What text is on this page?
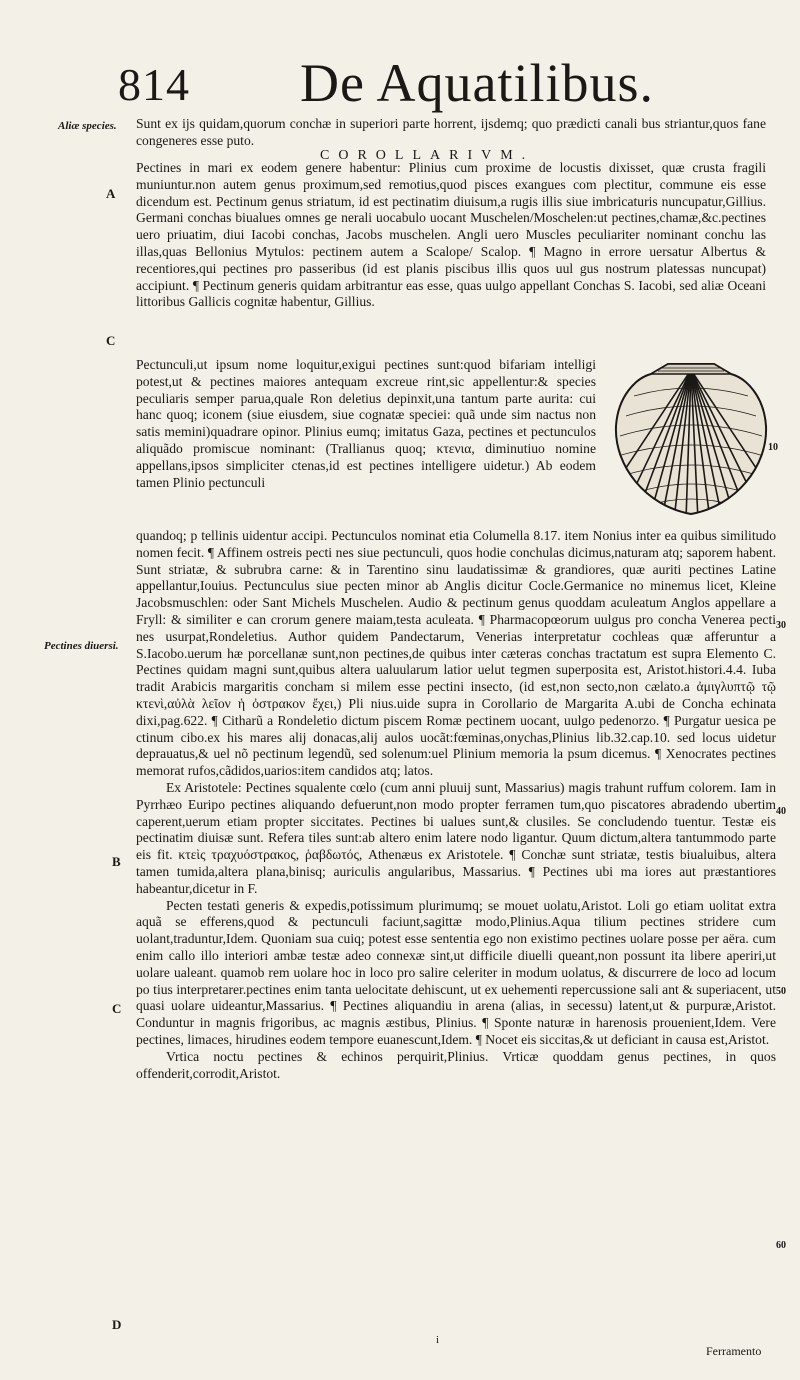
814 De Aquatilibus.
Aliæ species.
Pectines diuersi.
A
C
B
C
D
10
30
40
50
60

Sunt ex ijs quidam,quorum conchæ in superiori parte horrent, ijsdemq; quo prædicti canali bus striantur,quos fane congeneres esse puto.

COROLLARIVM.

Pectines in mari ex eodem genere habentur: Plinius cum proxime de locustis dixisset, quæ crusta fragili muniuntur.non autem genus proximum,sed remotius,quod pisces exangues com plectitur, commune eis esse dicendum est. Pectinum genus striatum, id est pectinatim diuisum,a rugis illis siue imbricaturis nuncupatur,Gillius. Germani conchas biualues omnes ge nerali uocabulo uocant Muschelen/Moschelen:ut pectines,chamæ,&c.pectines uero priuatim, diui Iacobi conchas, Jacobs muschelen. Angli uero Muscles peculiariter nominant conchu las illas,quas Bellonius Mytulos: pectinem autem a Scalope/ Scalop. ¶ Magno in errore uersatur Albertus & recentiores,qui pectines pro passeribus (id est planis piscibus illis quos uul gus nostrum platessas nuncupat) accipiunt. ¶ Pectinum generis quidam arbitrantur eas esse, quas uulgo appellant Conchas S. Iacobi, sed aliæ Oceani littoribus Gallicis cognitæ habentur, Gillius.

Pectunculi,ut ipsum nome loquitur,exigui pectines sunt:quod bifariam intelligi potest,ut & pectines maiores antequam excreue rint,sic appellentur:& species peculiaris semper parua,quale Ron deletius depinxit,una tantum parte aurita: cui hanc quoq; iconem (siue eiusdem, siue cognatæ speciei: quã unde sim nactus non satis memini)quadrare opinor. Plinius eumq; imitatus Gaza, pectines et pectunculos aliquãdo promiscue nominant: (Trallianus quoq; κτενια, diminutiuo nomine appellans,ipsos simpliciter ctenas,id est pectines intelligere uidetur.) Ab eodem tamen Plinio pectunculi

quandoq; p tellinis uidentur accipi. Pectunculos nominat etia Columella 8.17. item Nonius inter ea quibus similitudo nomen fecit. ¶ Affinem ostreis pecti nes siue pectunculi, quos hodie conchulas dicimus,naturam atq; saporem habent. Sunt striatæ, & subrubra carne: & in Tarentino sinu laudatissimæ & grandiores, quæ auriti pectines Latine appellantur,Iouius. Pectunculus siue pecten minor ab Anglis dicitur Cocle.Germanice no minemus licet, Kleine Jacobsmuschlen: oder Sant Michels Muschelen. Audio & pectinum genus quoddam aculeatum Anglos appellare a Fryll: & similiter e can crorum genere maiam,testa aculeata. ¶ Pharmacopœorum uulgus pro concha Venerea pecti nes usurpat,Rondeletius. Author quidem Pandectarum, Venerias interpretatur cochleas quæ afferuntur a S.Iacobo.uerum hæ porcellanæ sunt,non pectines,de quibus inter cæteras conchas tractatum est supra Elemento C. Pectines quidam magni sunt,quibus altera ualuularum latior uelut tegmen superposita est, Aristot.histori.4.4. Iuba tradit Arabicis margaritis concham si milem esse pectini insecto, (id est,non secto,non cælato.a ἀμιγλυπτῷ τῷ κτενὶ,αὐλὰ λεῖον ἡ ὀστρακον ἔχει,) Pli nius.uide supra in Corollario de Margarita A.ubi de Concha echinata dixi,pag.622. ¶ Citharũ a Rondeletio dictum piscem Romæ pectinem uocant, uulgo pedenorzo. ¶ Purgatur uesica pe ctinum cibo.ex his mares alij donacas,alij aulos uocãt:fœminas,onychas,Plinius lib.32.cap.10. sed locus uidetur deprauatus,& uel nõ pectinum legendũ, sed solenum:uel Plinium memoria la psum dicemus. ¶ Xenocrates pectines memorat rufos,cãdidos,uarios:item candidos atq; latos.

Ex Aristotele: Pectines squalente cœlo (cum anni pluuij sunt, Massarius) magis trahunt ruffum colorem. Iam in Pyrrhæo Euripo pectines aliquando defuerunt,non modo propter ferramen tum,quo piscatores abradendo ubertim caperent,uerum etiam propter siccitates. Pectines bi ualues sunt,& clusiles. Se concludendo tuentur. Testæ eis pectinatim diuisæ sunt. Refera tiles sunt:ab altero enim latere nodo ligantur. Quum dictum,altera tantummodo parte eis fit. κτεὶς τραχυόστρακος, ῥαβδωτός, Athenæus ex Aristotele. ¶ Conchæ sunt striatæ, testis biualuibus, altera tamen tumida,altera plana,binisq; auriculis angularibus, Massarius. ¶ Pectines ubi ma iores aut præstantiores habeantur,dicetur in F.

Pecten testati generis & expedis,potissimum plurimumq; se mouet uolatu,Aristot. Loli go etiam uolitat extra aquã se efferens,quod & pectunculi faciunt,sagittæ modo,Plinius.Aqua tilium pectines stridere cum uolant,traduntur,Idem. Quoniam sua cuiq; potest esse sententia ego non existimo pectines uolare posse per aëra. cum enim callo illo interiori ambæ testæ adeo connexæ sint,ut difficile diuelli queant,non possunt ita libere aperiri,ut uolare ualeant. quamob rem uolare hoc in loco pro salire celeriter in modum uolatus, & discurrere de loco ad locum po tius interpretarer.pectines enim tanta uelocitate dehiscunt, ut ex uehementi repercussione sali ant & superiacent, ut quasi uolare uideantur,Massarius. ¶ Pectines aliquandiu in arena (alias, in secessu) latent,ut & purpuræ,Aristot. Conduntur in magnis frigoribus, ac magnis æstibus, Plinius. ¶ Sponte naturæ in harenosis prouenient,Idem. Vere pectines, limaces, hirudines eodem tempore euanescunt,Idem. ¶ Nocet eis siccitas,& ut deficiant in causa est,Aristot.

Vrtica noctu pectines & echinos perquirit,Plinius. Vrticæ quoddam genus pectines, in quos offenderit,corrodit,Aristot.

i
Ferramento
